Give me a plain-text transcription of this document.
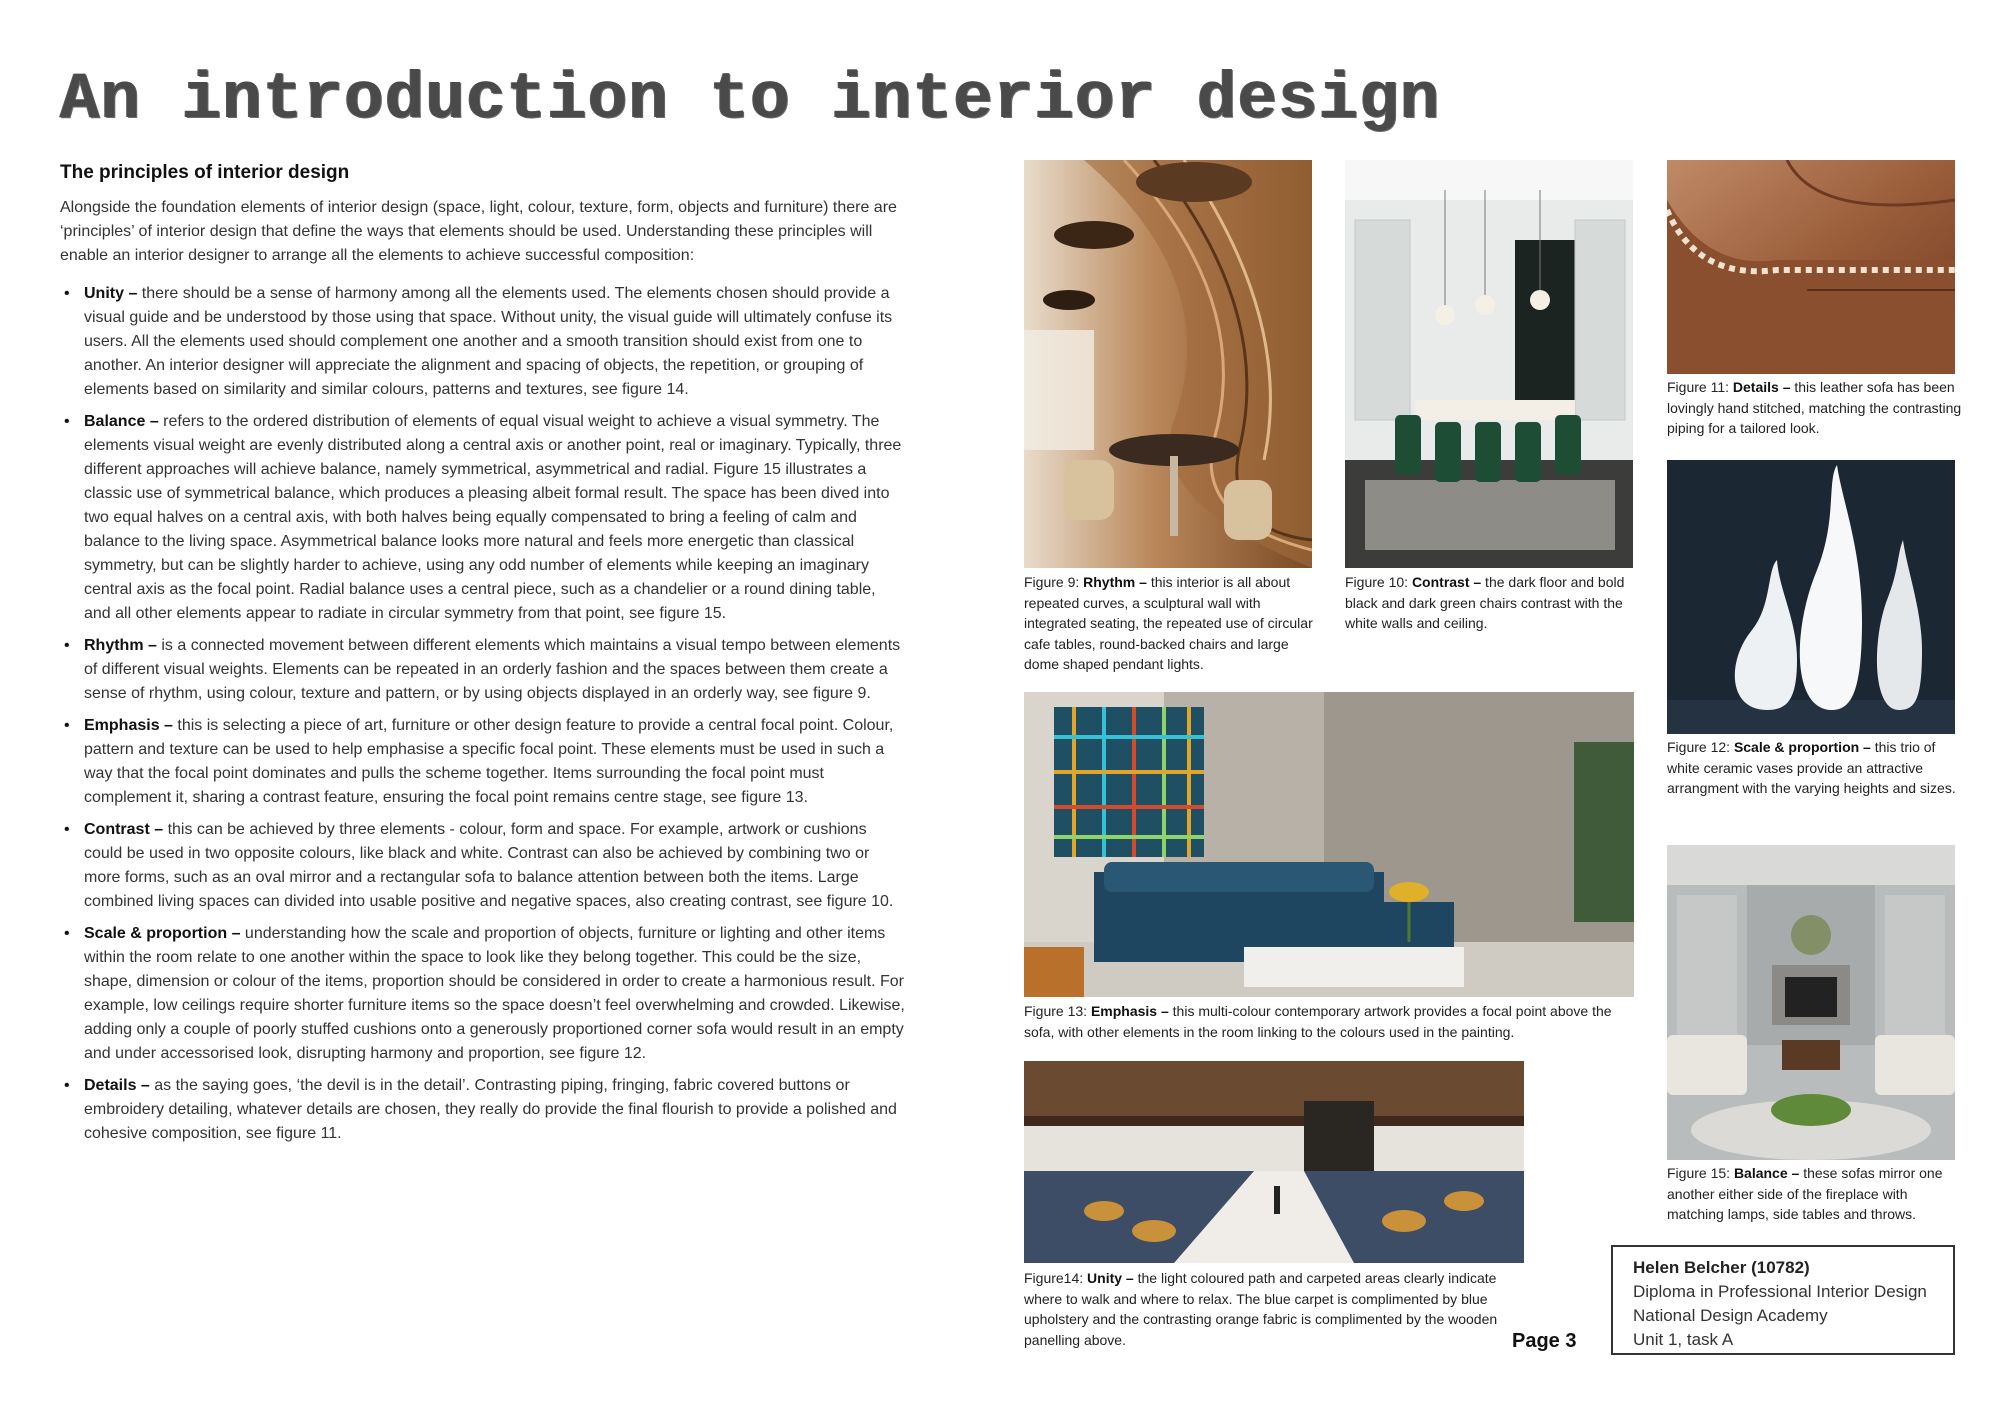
An introduction to interior design
The principles of interior design

Alongside the foundation elements of interior design (space, light, colour, texture, form, objects and furniture) there are ‘principles’ of interior design that define the ways that elements should be used. Understanding these principles will enable an interior designer to arrange all the elements to achieve successful composition:

• Unity – there should be a sense of harmony among all the elements used. The elements chosen should provide a visual guide and be understood by those using that space. Without unity, the visual guide will ultimately confuse its users. All the elements used should complement one another and a smooth transition should exist from one to another. An interior designer will appreciate the alignment and spacing of objects, the repetition, or grouping of elements based on similarity and similar colours, patterns and textures, see figure 14.
• Balance – refers to the ordered distribution of elements of equal visual weight to achieve a visual symmetry. The elements visual weight are evenly distributed along a central axis or another point, real or imaginary. Typically, three different approaches will achieve balance, namely symmetrical, asymmetrical and radial. Figure 15 illustrates a classic use of symmetrical balance, which produces a pleasing albeit formal result. The space has been dived into two equal halves on a central axis, with both halves being equally compensated to bring a feeling of calm and balance to the living space. Asymmetrical balance looks more natural and feels more energetic than classical symmetry, but can be slightly harder to achieve, using any odd number of elements while keeping an imaginary central axis as the focal point. Radial balance uses a central piece, such as a chandelier or a round dining table, and all other elements appear to radiate in circular symmetry from that point, see figure 15.
• Rhythm – is a connected movement between different elements which maintains a visual tempo between elements of different visual weights. Elements can be repeated in an orderly fashion and the spaces between them create a sense of rhythm, using colour, texture and pattern, or by using objects displayed in an orderly way, see figure 9.
• Emphasis – this is selecting a piece of art, furniture or other design feature to provide a central focal point. Colour, pattern and texture can be used to help emphasise a specific focal point. These elements must be used in such a way that the focal point dominates and pulls the scheme together. Items surrounding the focal point must complement it, sharing a contrast feature, ensuring the focal point remains centre stage, see figure 13.
• Contrast – this can be achieved by three elements - colour, form and space. For example, artwork or cushions could be used in two opposite colours, like black and white. Contrast can also be achieved by combining two or more forms, such as an oval mirror and a rectangular sofa to balance attention between both the items. Large combined living spaces can divided into usable positive and negative spaces, also creating contrast, see figure 10.
• Scale & proportion – understanding how the scale and proportion of objects, furniture or lighting and other items within the room relate to one another within the space to look like they belong together. This could be the size, shape, dimension or colour of the items, proportion should be considered in order to create a harmonious result. For example, low ceilings require shorter furniture items so the space doesn’t feel overwhelming and crowded. Likewise, adding only a couple of poorly stuffed cushions onto a generously proportioned corner sofa would result in an empty and under accessorised look, disrupting harmony and proportion, see figure 12.
• Details – as the saying goes, ‘the devil is in the detail’. Contrasting piping, fringing, fabric covered buttons or embroidery detailing, whatever details are chosen, they really do provide the final flourish to provide a polished and cohesive composition, see figure 11.
Figure 9: Rhythm – this interior is all about repeated curves, a sculptural wall with integrated seating, the repeated use of circular cafe tables, round-backed chairs and large dome shaped pendant lights.
Figure 10: Contrast – the dark floor and bold black and dark green chairs contrast with the white walls and ceiling.
Figure 11: Details – this leather sofa has been lovingly hand stitched, matching the contrasting piping for a tailored look.
Figure 12: Scale & proportion – this trio of white ceramic vases provide an attractive arrangment with the varying heights and sizes.
Figure 13: Emphasis – this multi-colour contemporary artwork provides a focal point above the sofa, with other elements in the room linking to the colours used in the painting.
Figure14: Unity – the light coloured path and carpeted areas clearly indicate where to walk and where to relax. The blue carpet is complimented by blue upholstery and the contrasting orange fabric is complimented by the wooden panelling above.
Figure 15: Balance – these sofas mirror one another either side of the fireplace with matching lamps, side tables and throws.
Page 3
Helen Belcher (10782)
Diploma in Professional Interior Design
National Design Academy
Unit 1, task A
